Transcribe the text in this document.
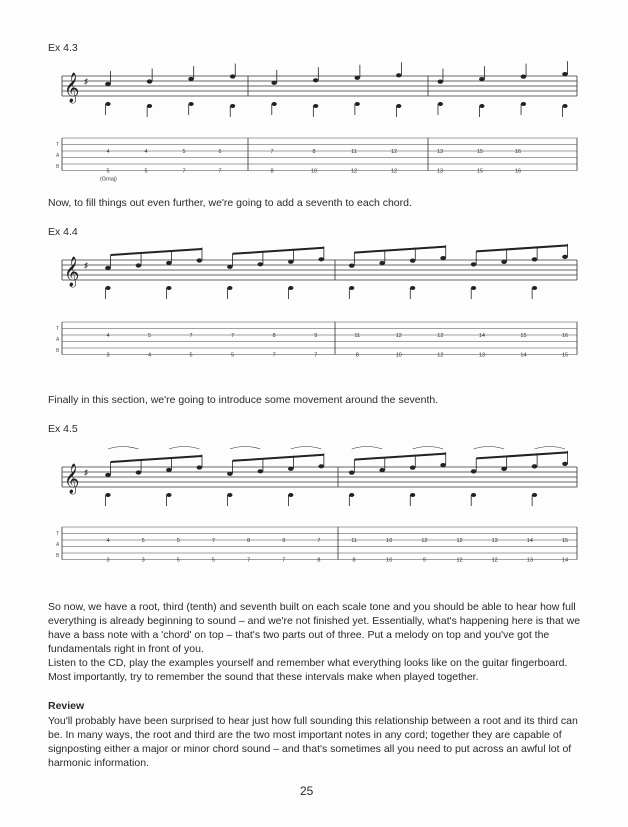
Ex 4.3
𝄞 ♯
T
A
B
4	4	5	6	7	8	11	12	13	15	16
5	5	7	7	8	10	12	12	13	15	16
(Gmaj)
Now, to fill things out even further, we're going to add a seventh to each chord.
Ex 4.4
𝄞 ♯
T
A
B
4	5	7	7	8	9	11	12	12	14	15	16
3	4	5	5	7	7	8	10	12	13	14	15
Finally in this section, we're going to introduce some movement around the seventh.
Ex 4.5
𝄞 ♯
T
A
B
4	5	5	7	8	9	7	11	10	12	12	13	14	15
3	3	5	5	7	7	8	8	10	9	12	12	13	14
So now, we have a root, third (tenth) and seventh built on each scale tone and you should be able to hear how full everything is already beginning to sound – and we're not finished yet. Essentially, what's happening here is that we have a bass note with a 'chord' on top – that's two parts out of three. Put a melody on top and you've got the fundamentals right in front of you.
Listen to the CD, play the examples yourself and remember what everything looks like on the guitar fingerboard. Most importantly, try to remember the sound that these intervals make when played together.
Review
You'll probably have been surprised to hear just how full sounding this relationship between a root and its third can be. In many ways, the root and third are the two most important notes in any cord; together they are capable of signposting either a major or minor chord sound – and that's sometimes all you need to put across an awful lot of harmonic information.
25
